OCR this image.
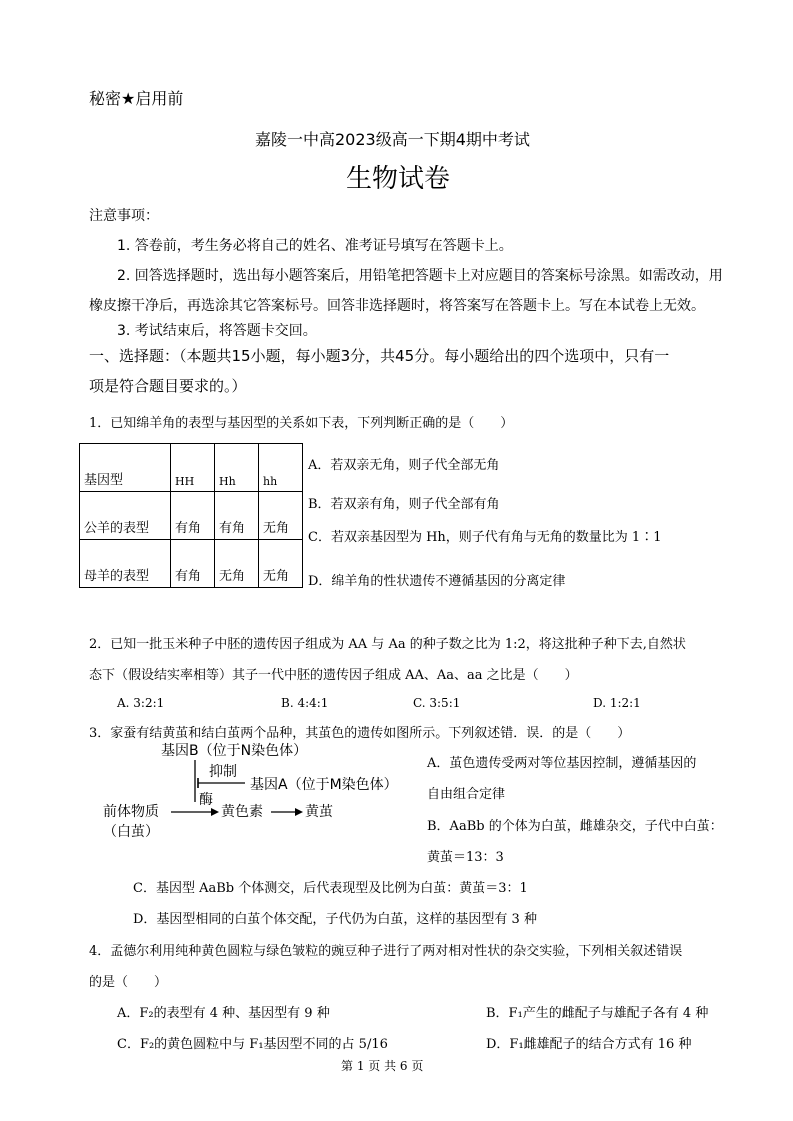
秘密★启用前
嘉陵一中高2023级高一下期4期中考试
生物试卷
注意事项：
1. 答卷前，考生务必将自己的姓名、准考证号填写在答题卡上。
2. 回答选择题时，选出每小题答案后，用铅笔把答题卡上对应题目的答案标号涂黑。如需改动，用
橡皮擦干净后，再选涂其它答案标号。回答非选择题时，将答案写在答题卡上。写在本试卷上无效。
3. 考试结束后，将答题卡交回。
一、选择题：（本题共15小题，每小题3分，共45分。每小题给出的四个选项中，只有一
项是符合题目要求的。）
1．已知绵羊角的表型与基因型的关系如下表，下列判断正确的是（　　）
基因型	HH	Hh	hh
公羊的表型	有角	有角	无角
母羊的表型	有角	无角	无角
A．若双亲无角，则子代全部无角
B．若双亲有角，则子代全部有角
C．若双亲基因型为 Hh，则子代有角与无角的数量比为 1∶1
D．绵羊角的性状遗传不遵循基因的分离定律
2．已知一批玉米种子中胚的遗传因子组成为 AA 与 Aa 的种子数之比为 1:2，将这批种子种下去,自然状
态下（假设结实率相等）其子一代中胚的遗传因子组成 AA、Aa、aa 之比是（　　）
A. 3:2:1	B. 4:4:1	C. 3:5:1	D. 1:2:1
3．家蚕有结黄茧和结白茧两个品种，其茧色的遗传如图所示。下列叙述错．误．的是（　　）
基因B（位于N染色体）
抑制
基因A（位于M染色体）
前体物质
酶
黄色素	黄茧
（白茧）
A．茧色遗传受两对等位基因控制，遵循基因的
自由组合定律
B．AaBb 的个体为白茧，雌雄杂交，子代中白茧：
黄茧＝13：3
C．基因型 AaBb 个体测交，后代表现型及比例为白茧：黄茧＝3：1
D．基因型相同的白茧个体交配，子代仍为白茧，这样的基因型有 3 种
4．孟德尔利用纯种黄色圆粒与绿色皱粒的豌豆种子进行了两对相对性状的杂交实验，下列相关叙述错误
的是（　　）
A．F₂的表型有 4 种、基因型有 9 种	B．F₁产生的雌配子与雄配子各有 4 种
C．F₂的黄色圆粒中与 F₁基因型不同的占 5/16	D．F₁雌雄配子的结合方式有 16 种
第 1 页 共 6 页
